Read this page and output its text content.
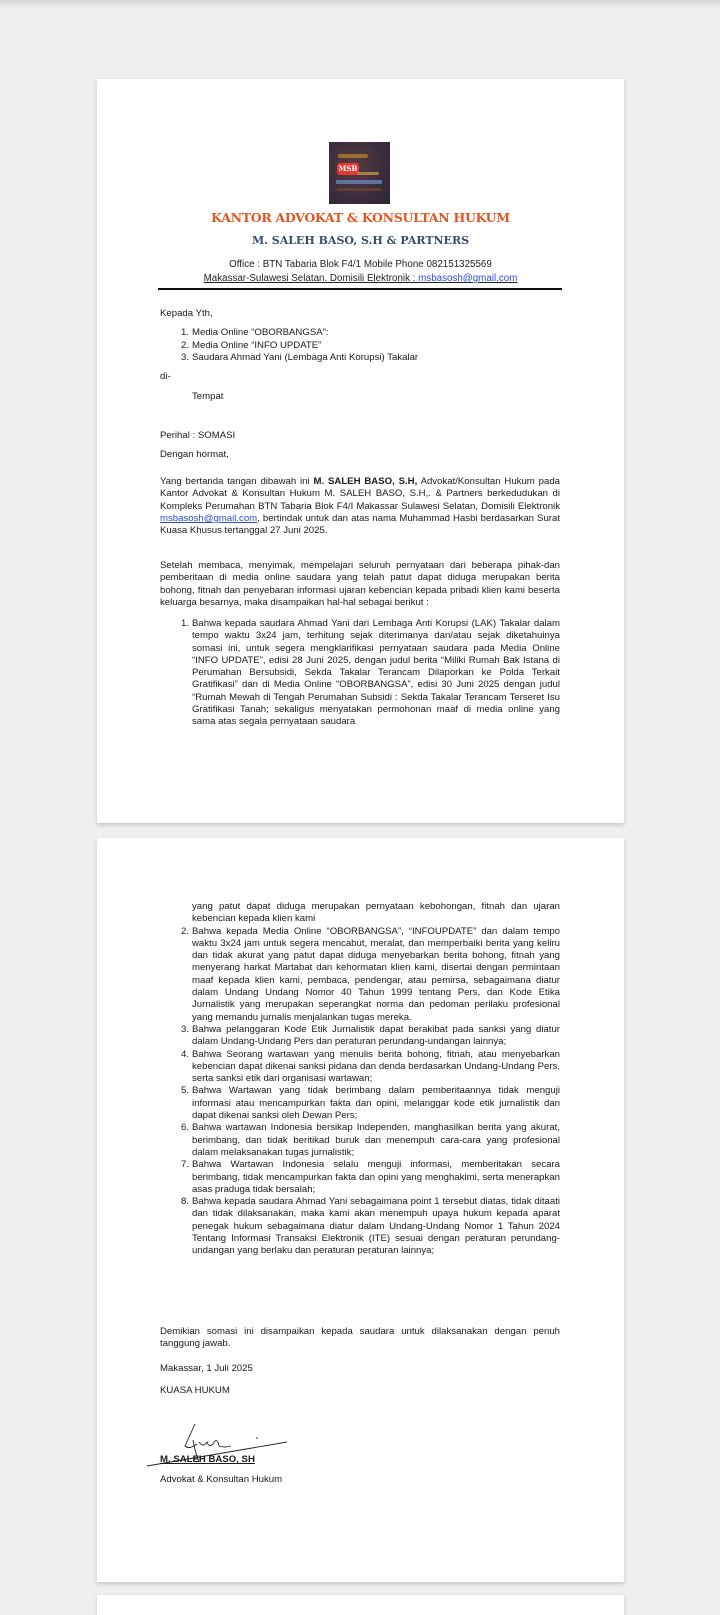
MSB
KANTOR ADVOKAT & KONSULTAN HUKUM
M. SALEH BASO, S.H & PARTNERS
Office : BTN Tabaria Blok F4/1 Mobile Phone 082151325569
Makassar-Sulawesi Selatan. Domisili Elektronik : msbasosh@gmail.com

Kepada Yth,

1. Media Online “OBORBANGSA”:
2. Media Online “INFO UPDATE”
3. Saudara Ahmad Yani (Lembaga Anti Korupsi) Takalar

di-

Tempat

Perihal : SOMASI

Dengan hormat,

Yang bertanda tangan dibawah ini M. SALEH BASO, S.H, Advokat/Konsultan Hukum pada Kantor Advokat & Konsultan Hukum M. SALEH BASO, S.H,. & Partners berkedudukan di Kompleks Perumahan BTN Tabaria Blok F4/I Makassar Sulawesi Selatan, Domisili Elektronik msbasosh@gmail.com, bertindak untuk dan atas nama Muhammad Hasbi berdasarkan Surat Kuasa Khusus tertanggal 27 Juni 2025.
Setelah membaca, menyimak, mempelajari seluruh pernyataan dari beberapa pihak-dan pemberitaan di media online saudara yang telah patut dapat diduga merupakan berita bohong, fitnah dan penyebaran informasi ujaran kebencian kepada pribadi klien kami beserta keluarga besarnya, maka disampaikan hal-hal sebagai berikut :
1. Bahwa kepada saudara Ahmad Yani dari Lembaga Anti Korupsi (LAK) Takalar dalam tempo waktu 3x24 jam, terhitung sejak diterimanya dan/atau sejak diketahuinya somasi ini, untuk segera mengklarifikasi pernyataan saudara pada Media Online “INFO UPDATE”, edisi 28 Juni 2025, dengan judul berita “Miliki Rumah Bak Istana di Perumahan Bersubsidi, Sekda Takalar Terancam Dilaporkan ke Polda Terkait Gratifikasi” dan di Media Online “OBORBANGSA”, edisi 30 Juni 2025 dengan judul “Rumah Mewah di Tengah Perumahan Subsidi : Sekda Takalar Terancam Terseret Isu Gratifikasi Tanah; sekaligus menyatakan permohonan maaf di media online yang sama atas segala pernyataan saudara
yang patut dapat diduga merupakan pernyataan kebohongan, fitnah dan ujaran kebencian kepada klien kami
2. Bahwa kepada Media Online “OBORBANGSA”, “INFOUPDATE” dan dalam tempo waktu 3x24 jam untuk segera mencabut, meralat, dan memperbaiki berita yang keliru dan tidak akurat yang patut dapat diduga menyebarkan berita bohong, fitnah yang menyerang harkat Martabat dan kehormatan klien kami, disertai dengan permintaan maaf kepada klien kami, pembaca, pendengar, atau pemirsa, sebagaimana diatur dalam Undang Undang Nomor 40 Tahun 1999 tentang Pers, dan Kode Etika Jurnalistik yang merupakan seperangkat norma dan pedoman perilaku profesional yang memandu jurnalis menjalankan tugas mereka.
3. Bahwa pelanggaran Kode Etik Jurnalistik dapat berakibat pada sanksi yang diatur dalam Undang-Undang Pers dan peraturan perundang-undangan lainnya;
4. Bahwa Seorang wartawan yang menulis berita bohong, fitnah, atau menyebarkan kebencian dapat dikenai sanksi pidana dan denda berdasarkan Undang-Undang Pers, serta sanksi etik dari organisasi wartawan;
5. Bahwa Wartawan yang tidak berimbang dalam pemberitaannya tidak menguji informasi atau mencampurkan fakta dan opini, melanggar kode etik jurnalistik dan dapat dikenai sanksi oleh Dewan Pers;
6. Bahwa wartawan Indonesia bersikap Independen, manghasilkan berita yang akurat, berimbang, dan tidak beritikad buruk dan menempuh cara-cara yang profesional dalam melaksanakan tugas jurnalistik;
7. Bahwa Wartawan Indonesia selalu menguji informasi, memberitakan secara berimbang, tidak mencampurkan fakta dan opini yang menghakimi, serta menerapkan asas praduga tidak bersalah;
8. Bahwa kepada saudara Ahmad Yani sebagaimana point 1 tersebut diatas, tidak ditaati dan tidak dilaksanakan, maka kami akan menempuh upaya hukum kepada aparat penegak hukum sebagaimana diatur dalam Undang-Undang Nomor 1 Tahun 2024 Tentang Informasi Transaksi Elektronik (ITE) sesuai dengan peraturan perundang-undangan yang berlaku dan peraturan peraturan lainnya;
Demikian somasi ini disampaikan kepada saudara untuk dilaksanakan dengan penuh tanggung jawab.

Makassar, 1 Juli 2025

KUASA HUKUM

M. SALEH BASO, SH

Advokat & Konsultan Hukum
